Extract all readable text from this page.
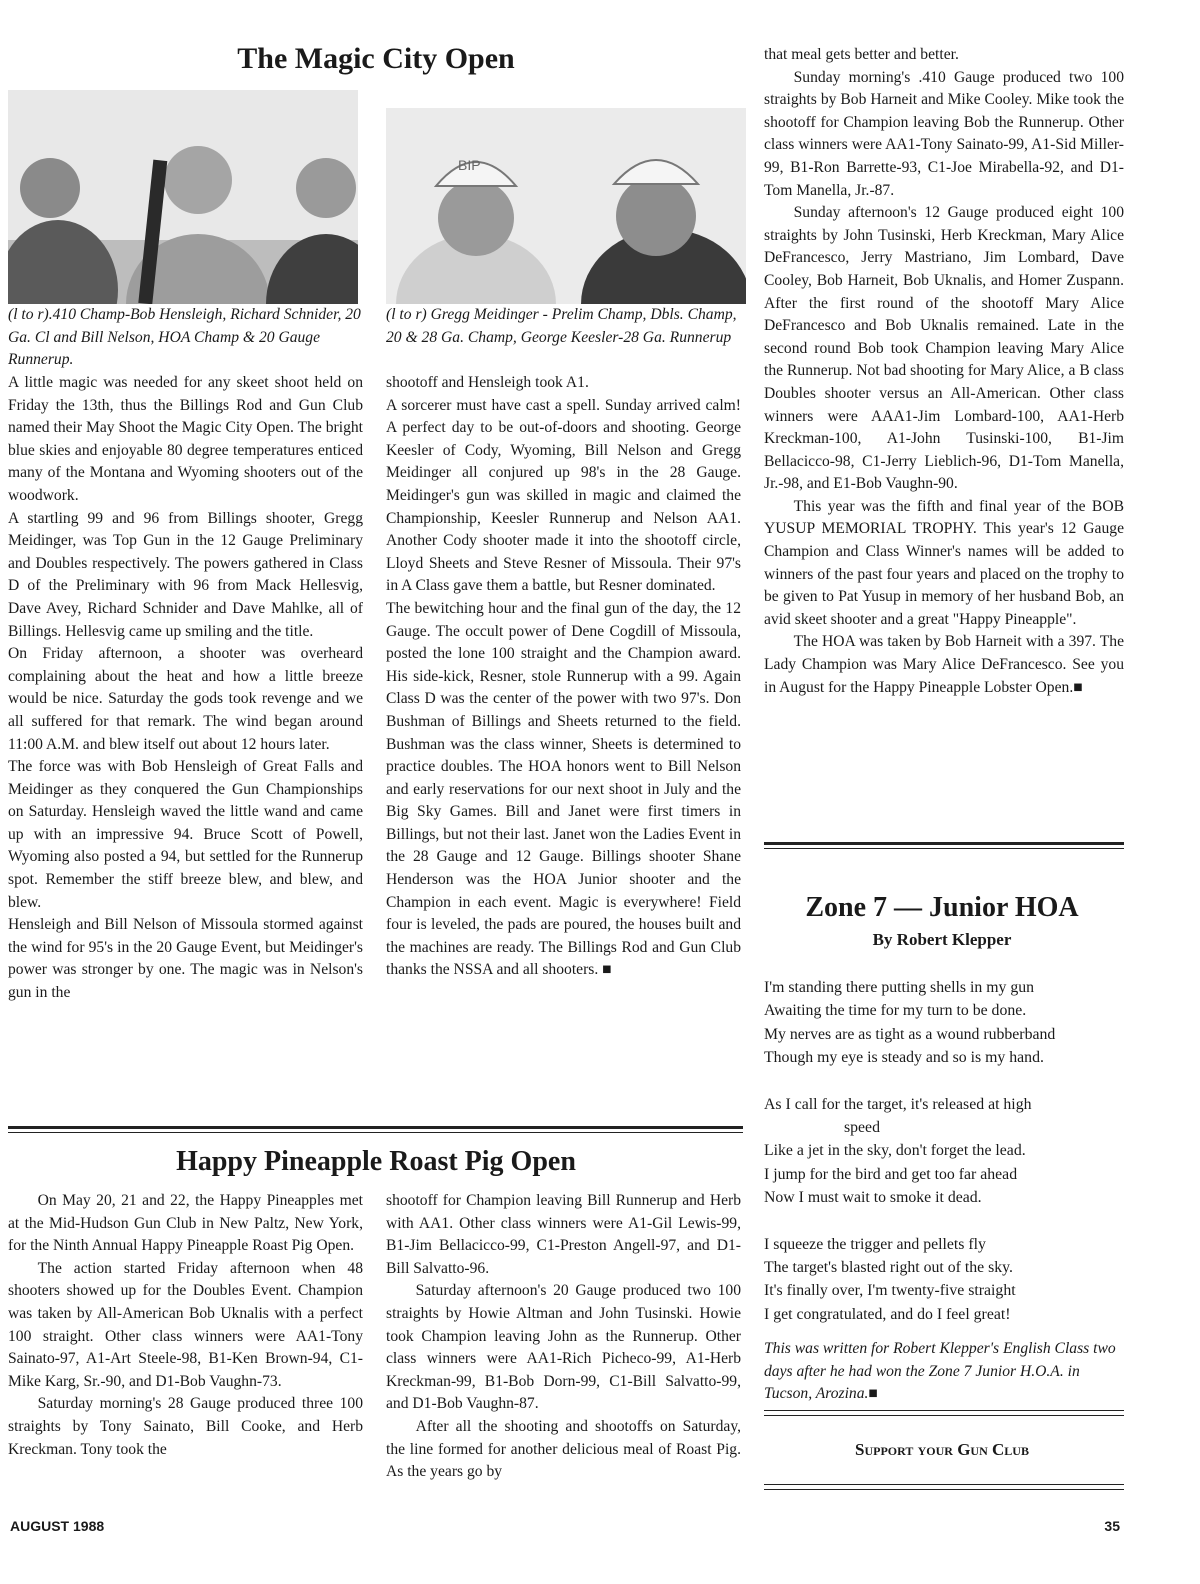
The Magic City Open
BIP
(l to r).410 Champ-Bob Hensleigh, Richard Schnider, 20 Ga. Cl and Bill Nelson, HOA Champ & 20 Gauge Runnerup.
(l to r) Gregg Meidinger - Prelim Champ, Dbls. Champ, 20 & 28 Ga. Champ, George Keesler-28 Ga. Runnerup

A little magic was needed for any skeet shoot held on Friday the 13th, thus the Billings Rod and Gun Club named their May Shoot the Magic City Open. The bright blue skies and enjoyable 80 degree temperatures enticed many of the Montana and Wyoming shooters out of the woodwork.

A startling 99 and 96 from Billings shooter, Gregg Meidinger, was Top Gun in the 12 Gauge Preliminary and Doubles respectively. The powers gathered in Class D of the Preliminary with 96 from Mack Hellesvig, Dave Avey, Richard Schnider and Dave Mahlke, all of Billings. Hellesvig came up smiling and the title.

On Friday afternoon, a shooter was overheard complaining about the heat and how a little breeze would be nice. Saturday the gods took revenge and we all suffered for that remark. The wind began around 11:00 A.M. and blew itself out about 12 hours later.

The force was with Bob Hensleigh of Great Falls and Meidinger as they conquered the Gun Championships on Saturday. Hensleigh waved the little wand and came up with an impressive 94. Bruce Scott of Powell, Wyoming also posted a 94, but settled for the Runnerup spot. Remember the stiff breeze blew, and blew, and blew.

Hensleigh and Bill Nelson of Missoula stormed against the wind for 95's in the 20 Gauge Event, but Meidinger's power was stronger by one. The magic was in Nelson's gun in the

shootoff and Hensleigh took A1.

A sorcerer must have cast a spell. Sunday arrived calm! A perfect day to be out-of-doors and shooting. George Keesler of Cody, Wyoming, Bill Nelson and Gregg Meidinger all conjured up 98's in the 28 Gauge. Meidinger's gun was skilled in magic and claimed the Championship, Keesler Runnerup and Nelson AA1. Another Cody shooter made it into the shootoff circle, Lloyd Sheets and Steve Resner of Missoula. Their 97's in A Class gave them a battle, but Resner dominated.

The bewitching hour and the final gun of the day, the 12 Gauge. The occult power of Dene Cogdill of Missoula, posted the lone 100 straight and the Champion award. His side-kick, Resner, stole Runnerup with a 99. Again Class D was the center of the power with two 97's. Don Bushman of Billings and Sheets returned to the field. Bushman was the class winner, Sheets is determined to practice doubles. The HOA honors went to Bill Nelson and early reservations for our next shoot in July and the Big Sky Games. Bill and Janet were first timers in Billings, but not their last. Janet won the Ladies Event in the 28 Gauge and 12 Gauge. Billings shooter Shane Henderson was the HOA Junior shooter and the Champion in each event. Magic is everywhere! Field four is leveled, the pads are poured, the houses built and the machines are ready. The Billings Rod and Gun Club thanks the NSSA and all shooters. ■

Happy Pineapple Roast Pig Open

On May 20, 21 and 22, the Happy Pineapples met at the Mid-Hudson Gun Club in New Paltz, New York, for the Ninth Annual Happy Pineapple Roast Pig Open.

The action started Friday afternoon when 48 shooters showed up for the Doubles Event. Champion was taken by All-American Bob Uknalis with a perfect 100 straight. Other class winners were AA1-Tony Sainato-97, A1-Art Steele-98, B1-Ken Brown-94, C1-Mike Karg, Sr.-90, and D1-Bob Vaughn-73.

Saturday morning's 28 Gauge produced three 100 straights by Tony Sainato, Bill Cooke, and Herb Kreckman. Tony took the

shootoff for Champion leaving Bill Runnerup and Herb with AA1. Other class winners were A1-Gil Lewis-99, B1-Jim Bellacicco-99, C1-Preston Angell-97, and D1-Bill Salvatto-96.

Saturday afternoon's 20 Gauge produced two 100 straights by Howie Altman and John Tusinski. Howie took Champion leaving John as the Runnerup. Other class winners were AA1-Rich Picheco-99, A1-Herb Kreckman-99, B1-Bob Dorn-99, C1-Bill Salvatto-99, and D1-Bob Vaughn-87.

After all the shooting and shootoffs on Saturday, the line formed for another delicious meal of Roast Pig. As the years go by

that meal gets better and better.

Sunday morning's .410 Gauge produced two 100 straights by Bob Harneit and Mike Cooley. Mike took the shootoff for Champion leaving Bob the Runnerup. Other class winners were AA1-Tony Sainato-99, A1-Sid Miller-99, B1-Ron Barrette-93, C1-Joe Mirabella-92, and D1-Tom Manella, Jr.-87.

Sunday afternoon's 12 Gauge produced eight 100 straights by John Tusinski, Herb Kreckman, Mary Alice DeFrancesco, Jerry Mastriano, Jim Lombard, Dave Cooley, Bob Harneit, Bob Uknalis, and Homer Zuspann. After the first round of the shootoff Mary Alice DeFrancesco and Bob Uknalis remained. Late in the second round Bob took Champion leaving Mary Alice the Runnerup. Not bad shooting for Mary Alice, a B class Doubles shooter versus an All-American. Other class winners were AAA1-Jim Lombard-100, AA1-Herb Kreckman-100, A1-John Tusinski-100, B1-Jim Bellacicco-98, C1-Jerry Lieblich-96, D1-Tom Manella, Jr.-98, and E1-Bob Vaughn-90.

This year was the fifth and final year of the BOB YUSUP MEMORIAL TROPHY. This year's 12 Gauge Champion and Class Winner's names will be added to winners of the past four years and placed on the trophy to be given to Pat Yusup in memory of her husband Bob, an avid skeet shooter and a great "Happy Pineapple".

The HOA was taken by Bob Harneit with a 397. The Lady Champion was Mary Alice DeFrancesco. See you in August for the Happy Pineapple Lobster Open.■

Zone 7 — Junior HOA
By Robert Klepper

I'm standing there putting shells in my gun

Awaiting the time for my turn to be done.

My nerves are as tight as a wound rubberband

Though my eye is steady and so is my hand.

As I call for the target, it's released at high

speed

Like a jet in the sky, don't forget the lead.

I jump for the bird and get too far ahead

Now I must wait to smoke it dead.

I squeeze the trigger and pellets fly

The target's blasted right out of the sky.

It's finally over, I'm twenty-five straight

I get congratulated, and do I feel great!

This was written for Robert Klepper's English Class two days after he had won the Zone 7 Junior H.O.A. in Tucson, Arozina.■
Support your Gun Club
AUGUST 1988	35
